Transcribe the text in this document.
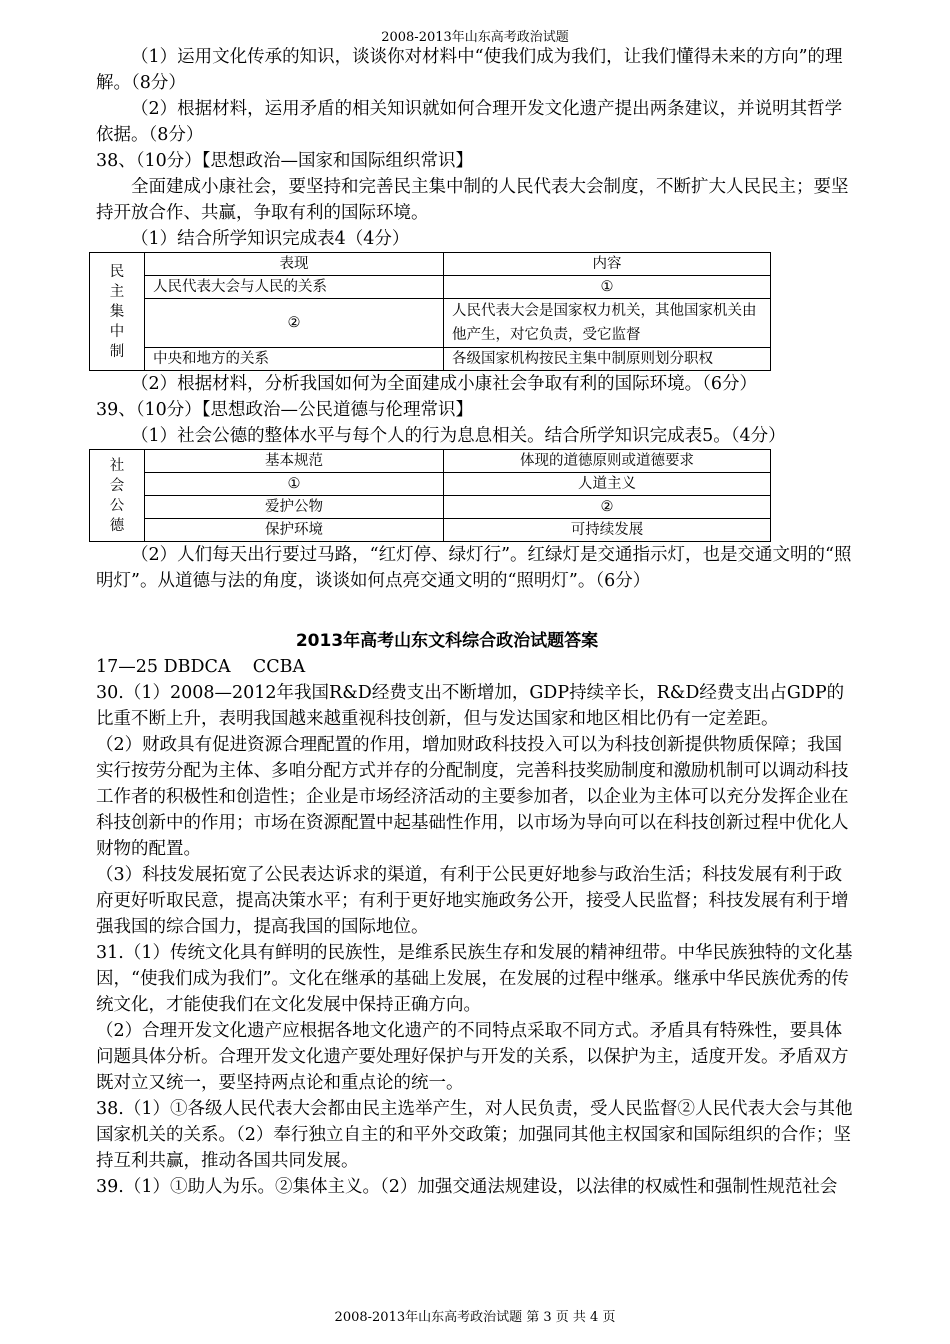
2008-2013年山东高考政治试题

（1）运用文化传承的知识，谈谈你对材料中“使我们成为我们，让我们懂得未来的方向”的理解。（8分）

（2）根据材料，运用矛盾的相关知识就如何合理开发文化遗产提出两条建议，并说明其哲学依据。（8分）

38、（10分）【思想政治—国家和国际组织常识】

全面建成小康社会，要坚持和完善民主集中制的人民代表大会制度，不断扩大人民民主；要坚持开放合作、共赢，争取有利的国际环境。

（1）结合所学知识完成表4（4分）

民主集中制	表现	内容
	人民代表大会与人民的关系	①
	②	人民代表大会是国家权力机关，其他国家机关由他产生，对它负责，受它监督
	中央和地方的关系	各级国家机构按民主集中制原则划分职权

（2）根据材料，分析我国如何为全面建成小康社会争取有利的国际环境。（6分）

39、（10分）【思想政治—公民道德与伦理常识】

（1）社会公德的整体水平与每个人的行为息息相关。结合所学知识完成表5。（4分）

社会公德	基本规范	体现的道德原则或道德要求
	①	人道主义
	爱护公物	②
	保护环境	可持续发展

（2）人们每天出行要过马路，“红灯停、绿灯行”。红绿灯是交通指示灯，也是交通文明的“照明灯”。从道德与法的角度，谈谈如何点亮交通文明的“照明灯”。（6分）

2013年高考山东文科综合政治试题答案

17—25 DBDCA    CCBA

30.（1）2008—2012年我国R&D经费支出不断增加，GDP持续辛长，R&D经费支出占GDP的比重不断上升，表明我国越来越重视科技创新，但与发达国家和地区相比仍有一定差距。

（2）财政具有促进资源合理配置的作用，增加财政科技投入可以为科技创新提供物质保障；我国实行按劳分配为主体、多咱分配方式并存的分配制度，完善科技奖励制度和激励机制可以调动科技工作者的积极性和创造性；企业是市场经济活动的主要参加者，以企业为主体可以充分发挥企业在科技创新中的作用；市场在资源配置中起基础性作用，以市场为导向可以在科技创新过程中优化人财物的配置。

（3）科技发展拓宽了公民表达诉求的渠道，有利于公民更好地参与政治生活；科技发展有利于政府更好听取民意，提高决策水平；有利于更好地实施政务公开，接受人民监督；科技发展有利于增强我国的综合国力，提高我国的国际地位。

31.（1）传统文化具有鲜明的民族性，是维系民族生存和发展的精神纽带。中华民族独特的文化基因，“使我们成为我们”。文化在继承的基础上发展，在发展的过程中继承。继承中华民族优秀的传统文化，才能使我们在文化发展中保持正确方向。

（2）合理开发文化遗产应根据各地文化遗产的不同特点采取不同方式。矛盾具有特殊性，要具体问题具体分析。合理开发文化遗产要处理好保护与开发的关系，以保护为主，适度开发。矛盾双方既对立又统一，要坚持两点论和重点论的统一。

38.（1）①各级人民代表大会都由民主选举产生，对人民负责，受人民监督②人民代表大会与其他国家机关的关系。（2）奉行独立自主的和平外交政策；加强同其他主权国家和国际组织的合作；坚持互利共赢，推动各国共同发展。

39.（1）①助人为乐。②集体主义。（2）加强交通法规建设，以法律的权威性和强制性规范社会

2008-2013年山东高考政治试题 第 3 页 共 4 页
